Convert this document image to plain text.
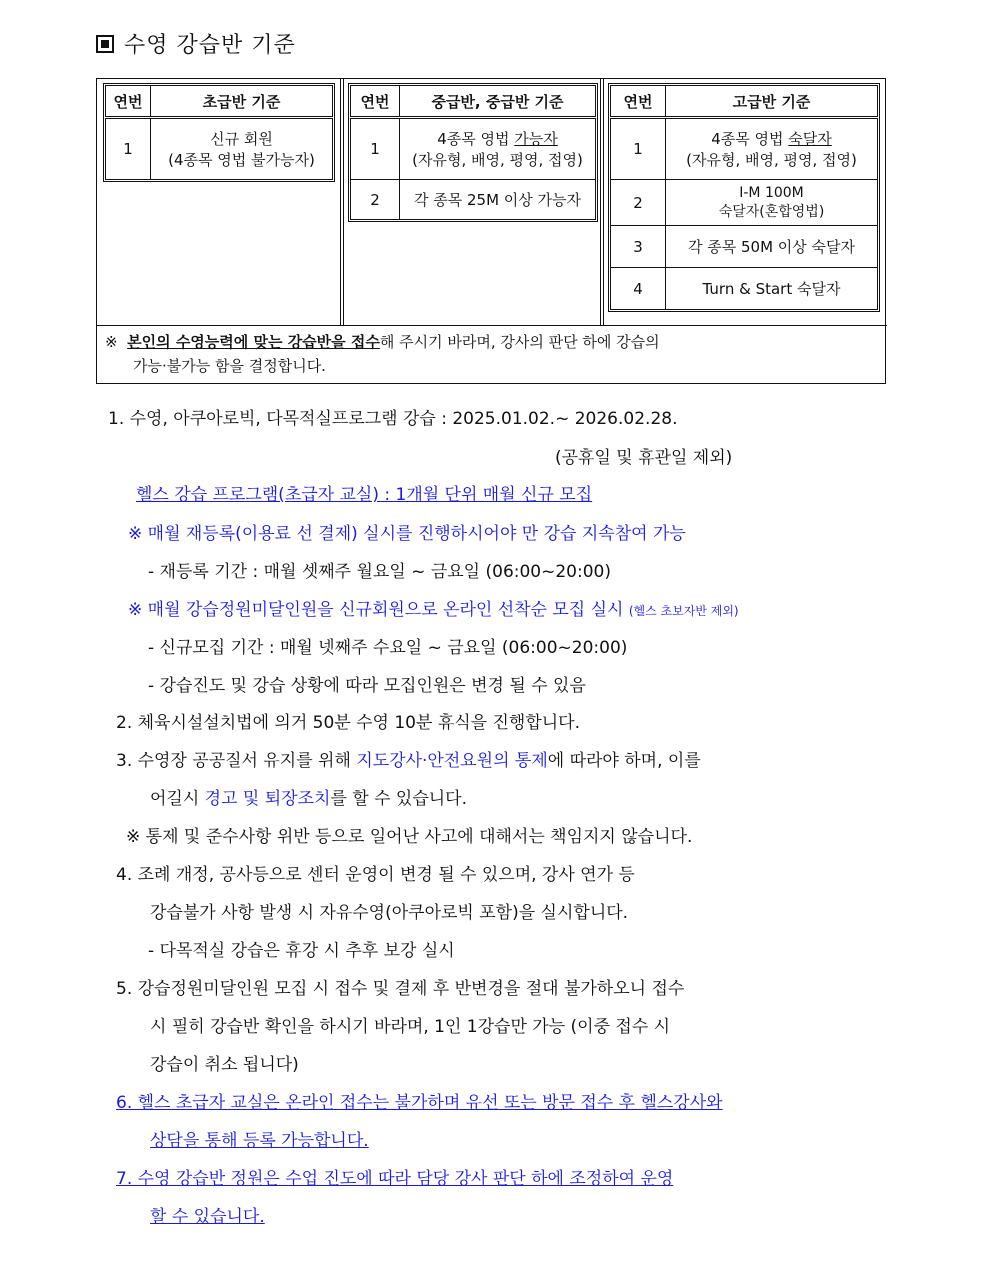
수영 강습반 기준
연번	초급반 기준
1	신규 회원
(4종목 영법 불가능자)
연번	중급반, 중급반 기준
1	4종목 영법 가능자
(자유형, 배영, 평영, 접영)

2	각 종목 25M 이상 가능자
연번	고급반 기준
1	4종목 영법 숙달자
(자유형, 배영, 평영, 접영)

2	I-M 100M
숙달자(혼합영법)

3	각 종목 50M 이상 숙달자
4	Turn & Start 숙달자
※ 본인의 수영능력에 맞는 강습반을 접수해 주시기 바라며, 강사의 판단 하에 강습의
가능·불가능 함을 결정합니다.
1. 수영, 아쿠아로빅, 다목적실프로그램 강습 : 2025.01.02.~ 2026.02.28.
(공휴일 및 휴관일 제외)
헬스 강습 프로그램(초급자 교실) : 1개월 단위 매월 신규 모집
※ 매월 재등록(이용료 선 결제) 실시를 진행하시어야 만 강습 지속참여 가능
- 재등록 기간 : 매월 셋째주 월요일 ~ 금요일 (06:00~20:00)
※ 매월 강습정원미달인원을 신규회원으로 온라인 선착순 모집 실시 (헬스 초보자반 제외)
- 신규모집 기간 : 매월 넷째주 수요일 ~ 금요일 (06:00~20:00)
- 강습진도 및 강습 상황에 따라 모집인원은 변경 될 수 있음
2. 체육시설설치법에 의거 50분 수영 10분 휴식을 진행합니다.
3. 수영장 공공질서 유지를 위해 지도강사·안전요원의 통제에 따라야 하며, 이를
어길시 경고 및 퇴장조치를 할 수 있습니다.
※ 통제 및 준수사항 위반 등으로 일어난 사고에 대해서는 책임지지 않습니다.
4. 조례 개정, 공사등으로 센터 운영이 변경 될 수 있으며, 강사 연가 등
강습불가 사항 발생 시 자유수영(아쿠아로빅 포함)을 실시합니다.
- 다목적실 강습은 휴강 시 추후 보강 실시
5. 강습정원미달인원 모집 시 접수 및 결제 후 반변경을 절대 불가하오니 접수
시 필히 강습반 확인을 하시기 바라며, 1인 1강습만 가능 (이중 접수 시
강습이 취소 됩니다)
6. 헬스 초급자 교실은 온라인 접수는 불가하며 유선 또는 방문 접수 후 헬스강사와
상담을 통해 등록 가능합니다.
7. 수영 강습반 정원은 수업 진도에 따라 담당 강사 판단 하에 조정하여 운영
할 수 있습니다.
